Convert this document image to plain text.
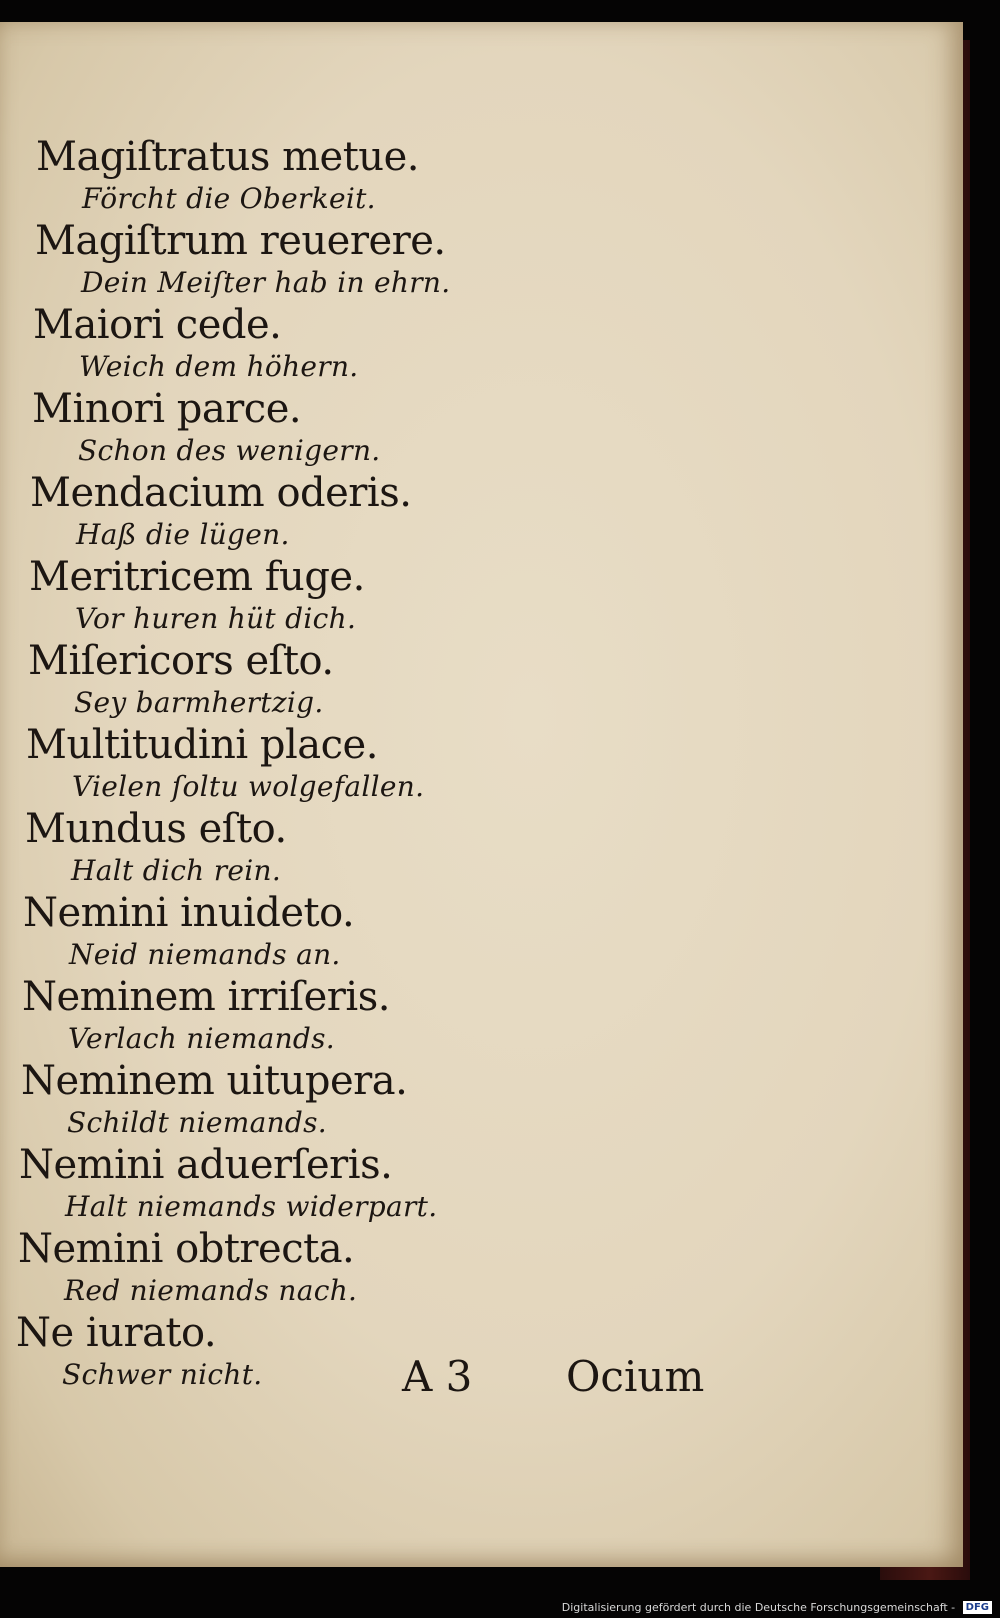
Magiſtratus metue.
Förcht die Oberkeit.
Magiſtrum reuerere.
Dein Meiſter hab in ehrn.
Maiori cede.
Weich dem höhern.
Minori parce.
Schon des wenigern.
Mendacium oderis.
Haß die lügen.
Meritricem fuge.
Vor huren hüt dich.
Miſericors eſto.
Sey barmhertzig.
Multitudini place.
Vielen ſoltu wolgefallen.
Mundus eſto.
Halt dich rein.
Nemini inuideto.
Neid niemands an.
Neminem irriſeris.
Verlach niemands.
Neminem uitupera.
Schildt niemands.
Nemini aduerſeris.
Halt niemands widerpart.
Nemini obtrecta.
Red niemands nach.
Ne iurato.
Schwer nicht.	A 3 Ocium
Digitalisierung gefördert durch die Deutsche Forschungsgemeinschaft - DFG
